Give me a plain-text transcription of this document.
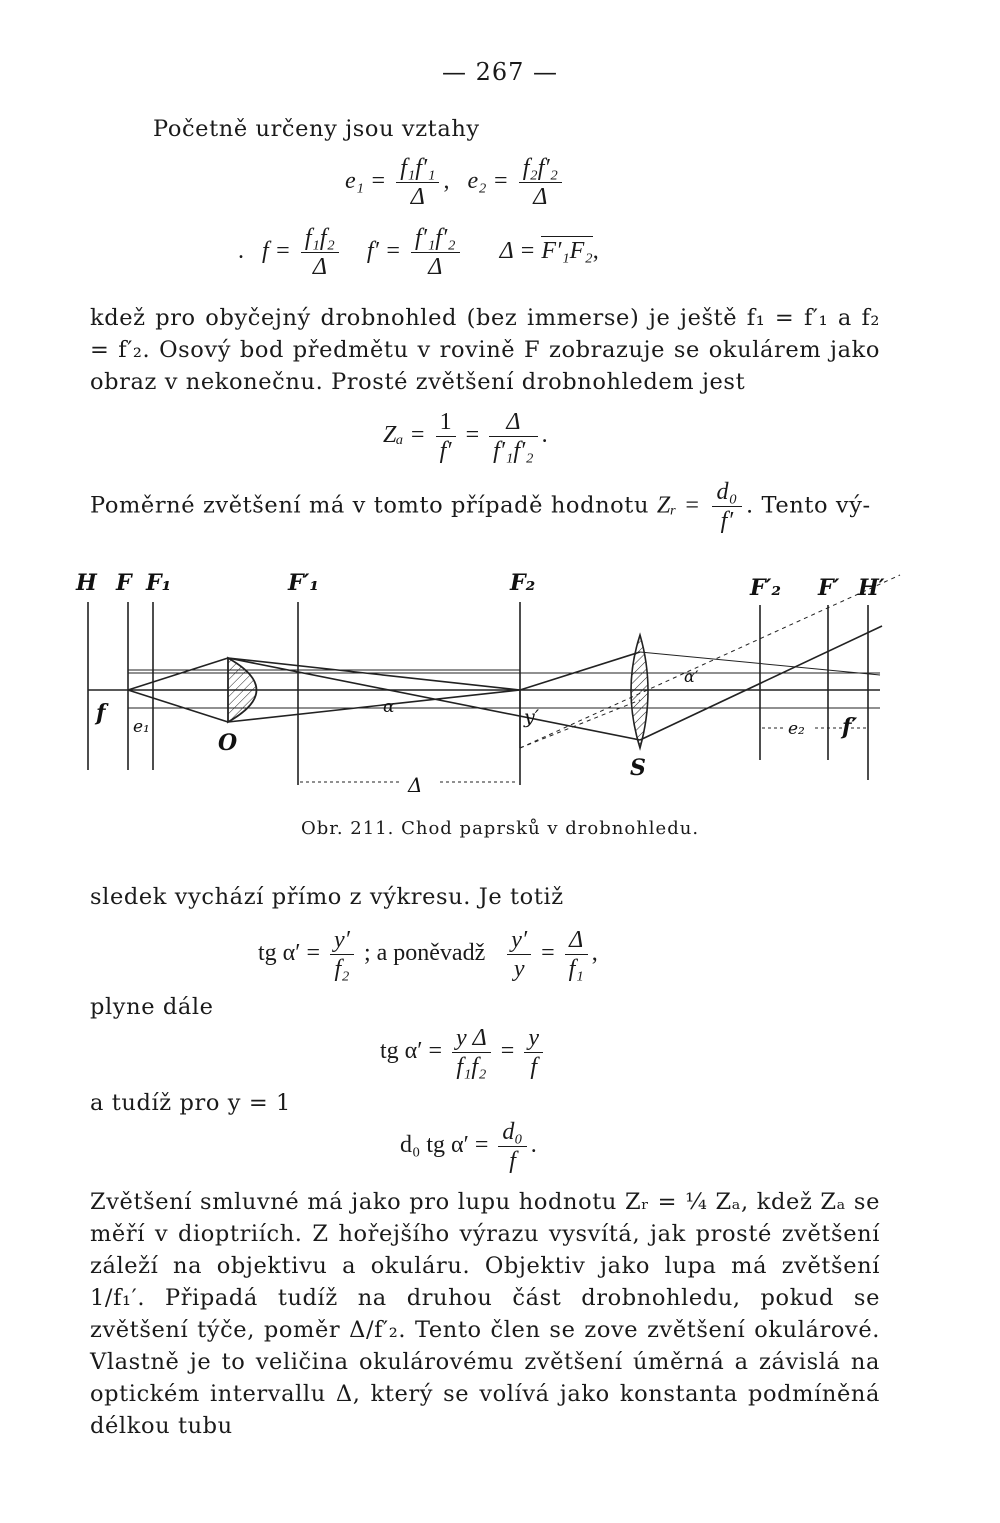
— 267 —
Početně určeny jsou vztahy
$e_1 = \frac{\text{f₁f′₁}}{\Delta}$ , $e_2 = \frac{\text{f₂f′₂}}{\Delta}$
. $f = \frac{\text{f₁f₂}}{\Delta} f' = \frac{\text{f′₁f′₂}}{\Delta}$ Δ = F′₁F₂,
kdež pro obyčejný drobnohled (bez immerse) je ještě f₁ = f′₁ a f₂ = f′₂. Osový bod předmětu v rovině F zobrazuje se okulárem jako obraz v nekonečnu. Prosté zvětšení drobnohledem jest
$Z_a = \frac{1}{f'} = \frac{\Delta}{\text{f′₁f′₂}}$ .
Poměrné zvětšení má v tomto případě hodnotu Zᵣ = $\frac{\text{d₀}}{f'}$ . Tento vý-
H F F₁	F′₁	F₂	F′₂ F′ H′
f
e₁
O
α	y′
α′
S
e₂ f′
Δ
Obr. 211. Chod paprsků v drobnohledu.
sledek vychází přímo z výkresu. Je totiž
tg $\alpha' = \frac{y'}{\text{f₂}}$ ; a poněvadž $\frac{y'}{y} = \frac{\Delta}{\text{f₁}}$ ,
plyne dále
tg $\alpha' = \frac{\text{y Δ}}{\text{f₁f₂}} = \frac{y}{f}$
a tudíž pro y = 1
d₀ tg $\alpha' = \frac{\text{d₀}}{f}$ .
Zvětšení smluvné má jako pro lupu hodnotu Zᵣ = ¼ Zₐ, kdež Zₐ se měří v dioptriích. Z hořejšího výrazu vysvítá, jak prosté zvětšení záleží na objektivu a okuláru. Objektiv jako lupa má zvětšení 1/f₁′. Připadá tudíž na druhou část drobnohledu, pokud se zvětšení týče, poměr Δ/f′₂. Tento člen se zove zvětšení okulárové. Vlastně je to veličina okulárovému zvětšení úměrná a závislá na optickém intervallu Δ, který se volívá jako konstanta podmíněná délkou tubu
